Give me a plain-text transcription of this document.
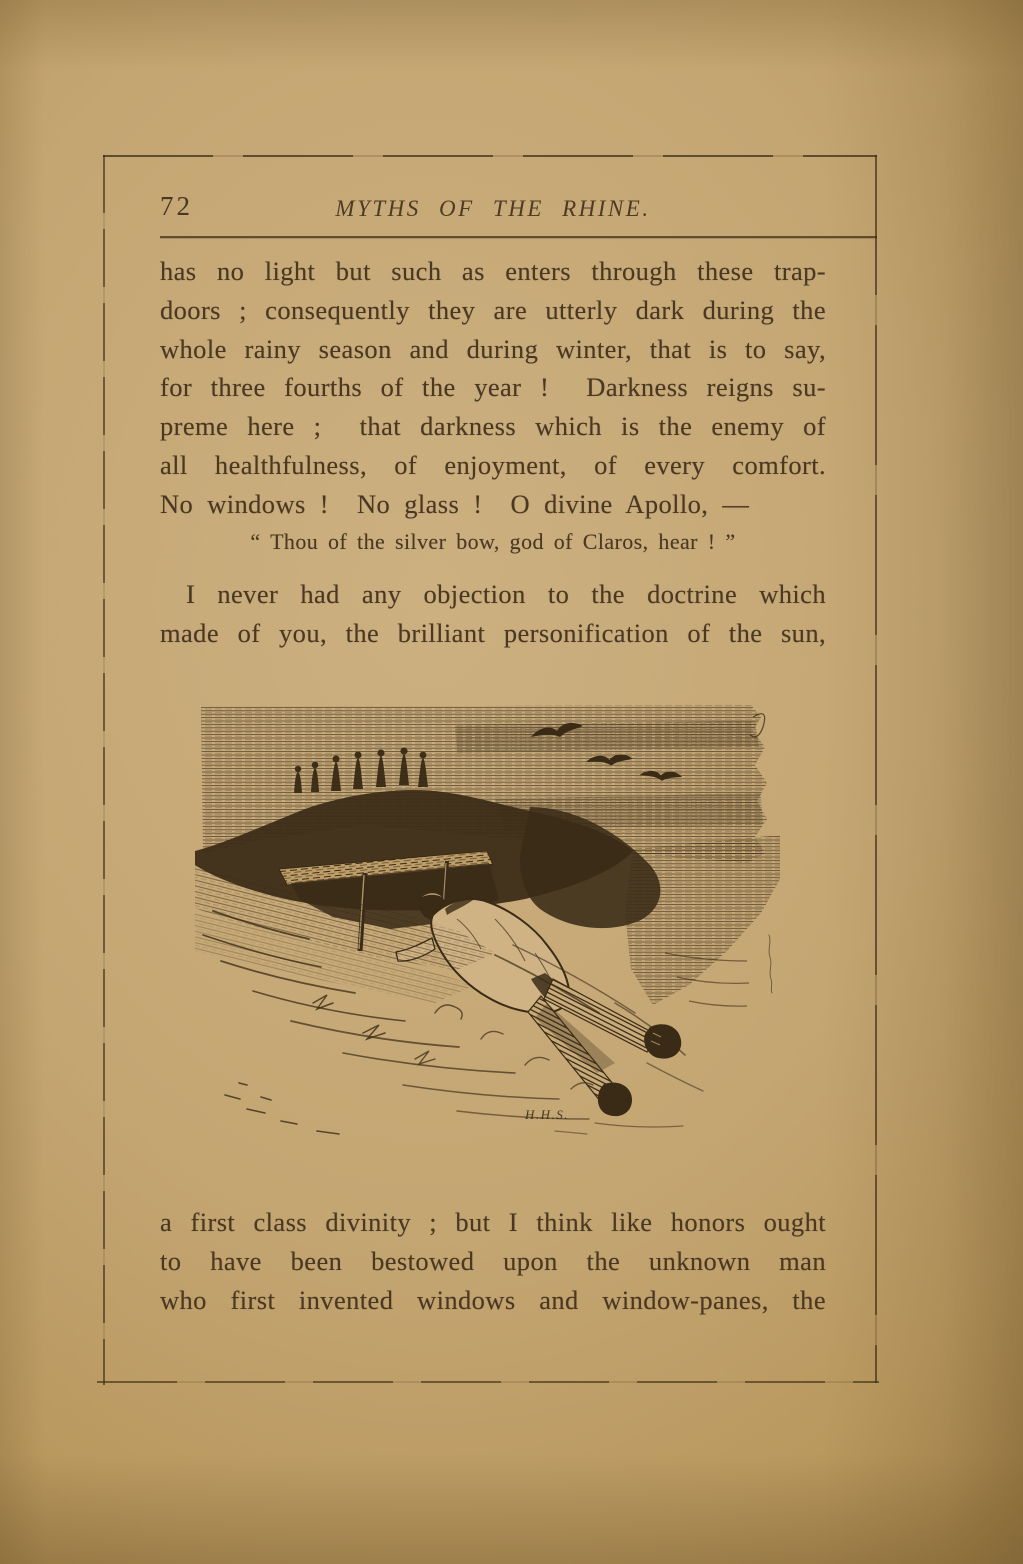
72	MYTHS OF THE RHINE.
has no light but such as enters through these trap-
doors ; consequently they are utterly dark during the
whole rainy season and during winter, that is to say,
for three fourths of the year !  Darkness reigns su-
preme here ;  that darkness which is the enemy of
all healthfulness, of enjoyment, of every comfort.
No windows !  No glass !  O divine Apollo, —
“ Thou of the silver bow, god of Claros, hear ! ”
I never had any objection to the doctrine which
made of you, the brilliant personification of the sun,
H.H.S.
a first class divinity ; but I think like honors ought
to have been bestowed upon the unknown man
who first invented windows and window-panes, the
